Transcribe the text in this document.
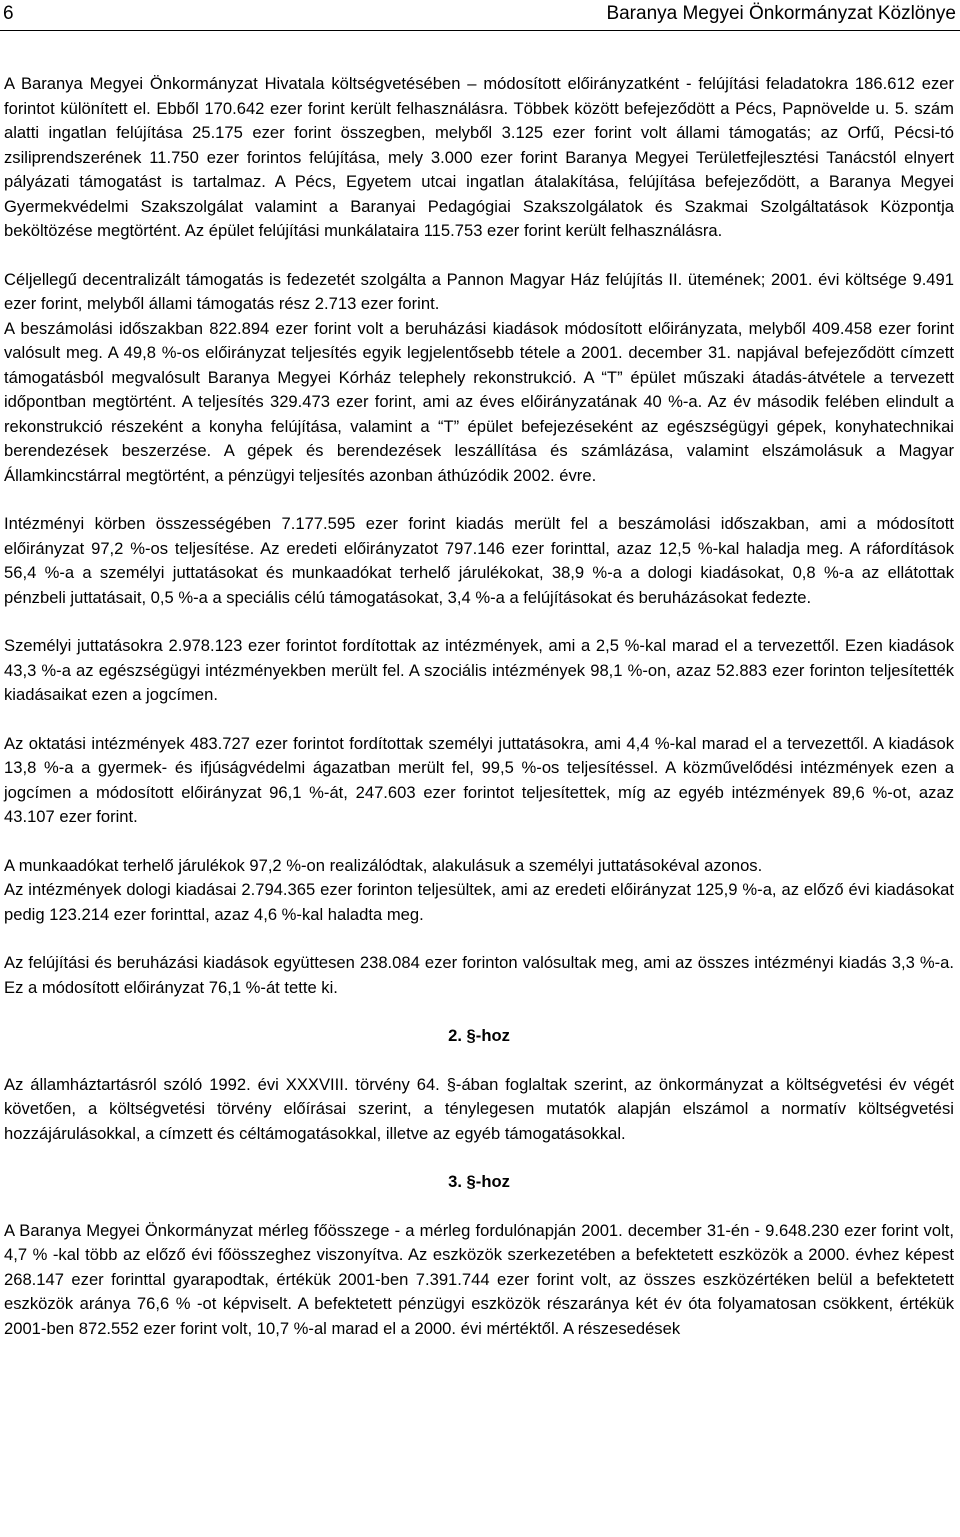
6	Baranya Megyei Önkormányzat Közlönye

A Baranya Megyei Önkormányzat Hivatala költségvetésében – módosított előirányzatként - felújítási feladatokra 186.612 ezer forintot különített el. Ebből 170.642 ezer forint került felhasználásra. Többek között befejeződött a Pécs, Papnövelde u. 5. szám alatti ingatlan felújítása 25.175 ezer forint összegben, melyből 3.125 ezer forint volt állami támogatás; az Orfű, Pécsi-tó zsiliprendszerének 11.750 ezer forintos felújítása, mely 3.000 ezer forint Baranya Megyei Területfejlesztési Tanácstól elnyert pályázati támogatást is tartalmaz. A Pécs, Egyetem utcai ingatlan átalakítása, felújítása befejeződött, a Baranya Megyei Gyermekvédelmi Szakszolgálat valamint a Baranyai Pedagógiai Szakszolgálatok és Szakmai Szolgáltatások Központja beköltözése megtörtént. Az épület felújítási munkálataira 115.753 ezer forint került felhasználásra.

Céljellegű decentralizált támogatás is fedezetét szolgálta a Pannon Magyar Ház felújítás II. ütemének; 2001. évi költsége 9.491 ezer forint, melyből állami támogatás rész 2.713 ezer forint.

A beszámolási időszakban 822.894 ezer forint volt a beruházási kiadások módosított előirányzata, melyből 409.458 ezer forint valósult meg. A 49,8 %-os előirányzat teljesítés egyik legjelentősebb tétele a 2001. december 31. napjával befejeződött címzett támogatásból megvalósult Baranya Megyei Kórház telephely rekonstrukció. A “T” épület műszaki átadás-átvétele a tervezett időpontban megtörtént. A teljesítés 329.473 ezer forint, ami az éves előirányzatának 40 %-a. Az év második felében elindult a rekonstrukció részeként a konyha felújítása, valamint a “T” épület befejezéseként az egészségügyi gépek, konyhatechnikai berendezések beszerzése. A gépek és berendezések leszállítása és számlázása, valamint elszámolásuk a Magyar Államkincstárral megtörtént, a pénzügyi teljesítés azonban áthúzódik 2002. évre.

Intézményi körben összességében 7.177.595 ezer forint kiadás merült fel a beszámolási időszakban, ami a módosított előirányzat 97,2 %-os teljesítése. Az eredeti előirányzatot 797.146 ezer forinttal, azaz 12,5 %-kal haladja meg. A ráfordítások 56,4 %-a a személyi juttatásokat és munkaadókat terhelő járulékokat, 38,9 %-a a dologi kiadásokat, 0,8 %-a az ellátottak pénzbeli juttatásait, 0,5 %-a a speciális célú támogatásokat, 3,4 %-a a felújításokat és beruházásokat fedezte.

Személyi juttatásokra 2.978.123 ezer forintot fordítottak az intézmények, ami a 2,5 %-kal marad el a tervezettől. Ezen kiadások 43,3 %-a az egészségügyi intézményekben merült fel. A szociális intézmények 98,1 %-on, azaz 52.883 ezer forinton teljesítették kiadásaikat ezen a jogcímen.

Az oktatási intézmények 483.727 ezer forintot fordítottak személyi juttatásokra, ami 4,4 %-kal marad el a tervezettől. A kiadások 13,8 %-a a gyermek- és ifjúságvédelmi ágazatban merült fel, 99,5 %-os teljesítéssel. A közművelődési intézmények ezen a jogcímen a módosított előirányzat 96,1 %-át, 247.603 ezer forintot teljesítettek, míg az egyéb intézmények 89,6 %-ot, azaz 43.107 ezer forint.

A munkaadókat terhelő járulékok 97,2 %-on realizálódtak, alakulásuk a személyi juttatásokéval azonos.

Az intézmények dologi kiadásai 2.794.365 ezer forinton teljesültek, ami az eredeti előirányzat 125,9 %-a, az előző évi kiadásokat pedig 123.214 ezer forinttal, azaz 4,6 %-kal haladta meg.

Az felújítási és beruházási kiadások együttesen 238.084 ezer forinton valósultak meg, ami az összes intézményi kiadás 3,3 %-a. Ez a módosított előirányzat 76,1 %-át tette ki.

2. §-hoz

Az államháztartásról szóló 1992. évi XXXVIII. törvény 64. §-ában foglaltak szerint, az önkormányzat a költségvetési év végét követően, a költségvetési törvény előírásai szerint, a ténylegesen mutatók alapján elszámol a normatív költségvetési hozzájárulásokkal, a címzett és céltámogatásokkal, illetve az egyéb támogatásokkal.

3. §-hoz

A Baranya Megyei Önkormányzat mérleg főösszege - a mérleg fordulónapján 2001. december 31-én - 9.648.230 ezer forint volt, 4,7 % -kal több az előző évi főösszeghez viszonyítva. Az eszközök szerkezetében a befektetett eszközök a 2000. évhez képest 268.147 ezer forinttal gyarapodtak, értékük 2001-ben 7.391.744 ezer forint volt, az összes eszközértéken belül a befektetett eszközök aránya 76,6 % -ot képviselt. A befektetett pénzügyi eszközök részaránya két év óta folyamatosan csökkent, értékük 2001-ben 872.552 ezer forint volt, 10,7 %-al marad el a 2000. évi mértéktől. A részesedések
